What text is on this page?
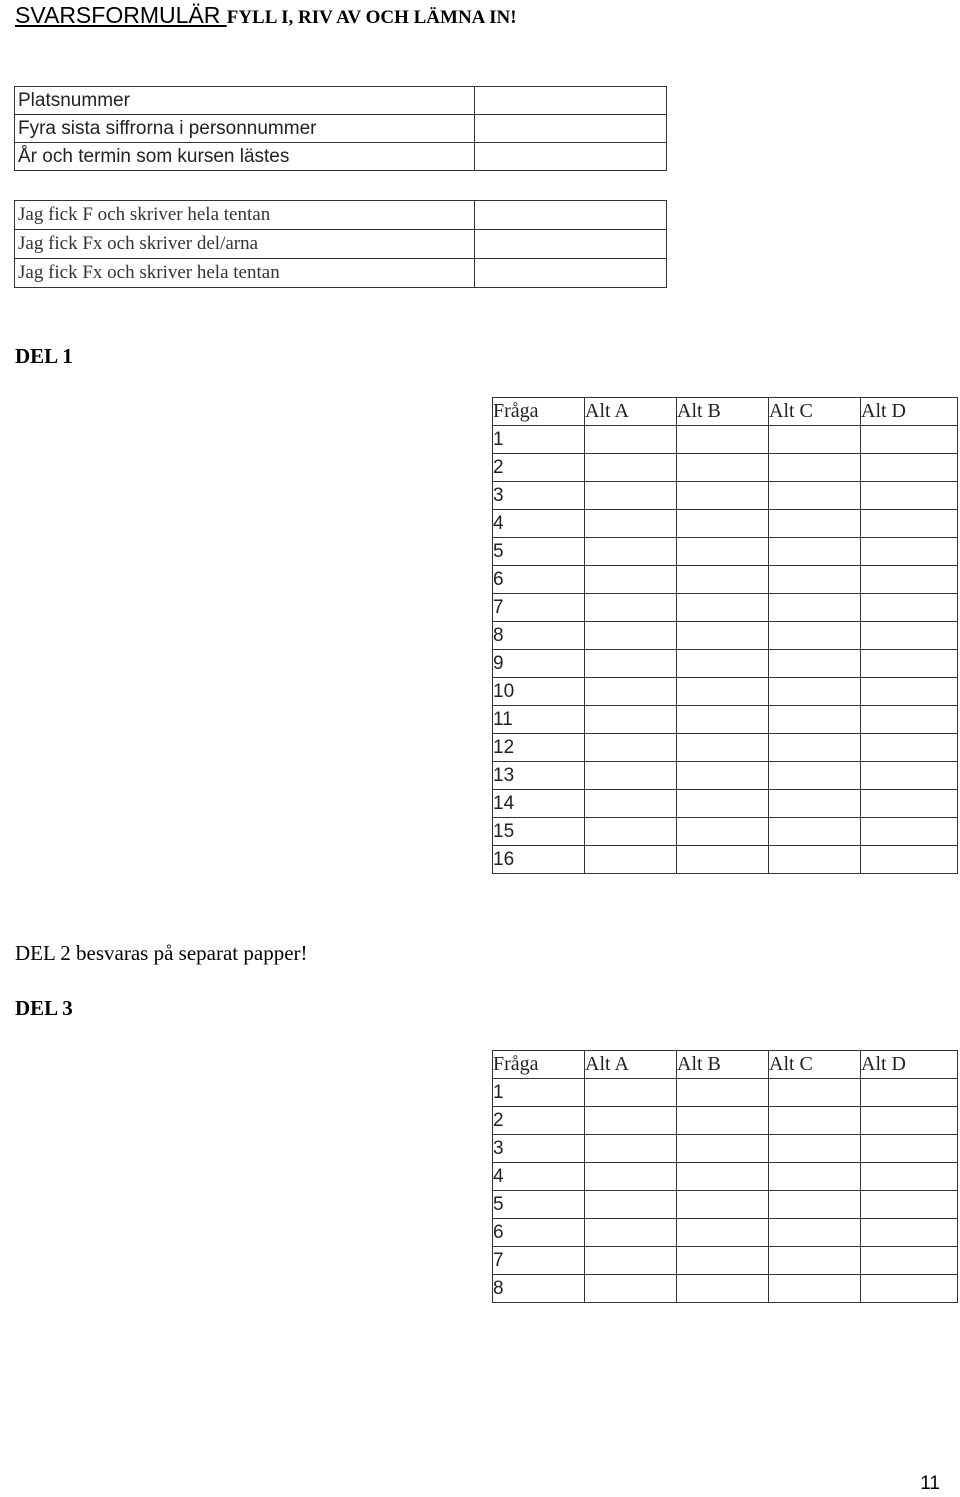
SVARSFORMULÄR FYLL I, RIV AV OCH LÄMNA IN!
Platsnummer	
Fyra sista siffrorna i personnummer	
År och termin som kursen lästes	
Jag fick F och skriver hela tentan	
Jag fick Fx och skriver del/arna	
Jag fick Fx och skriver hela tentan	
DEL 1
Fråga	Alt A	Alt B	Alt C	Alt D
1				
2				
3				
4				
5				
6				
7				
8				
9				
10				
11				
12				
13				
14				
15				
16				
DEL 2 besvaras på separat papper!
DEL 3
Fråga	Alt A	Alt B	Alt C	Alt D
1				
2				
3				
4				
5				
6				
7				
8				
11
